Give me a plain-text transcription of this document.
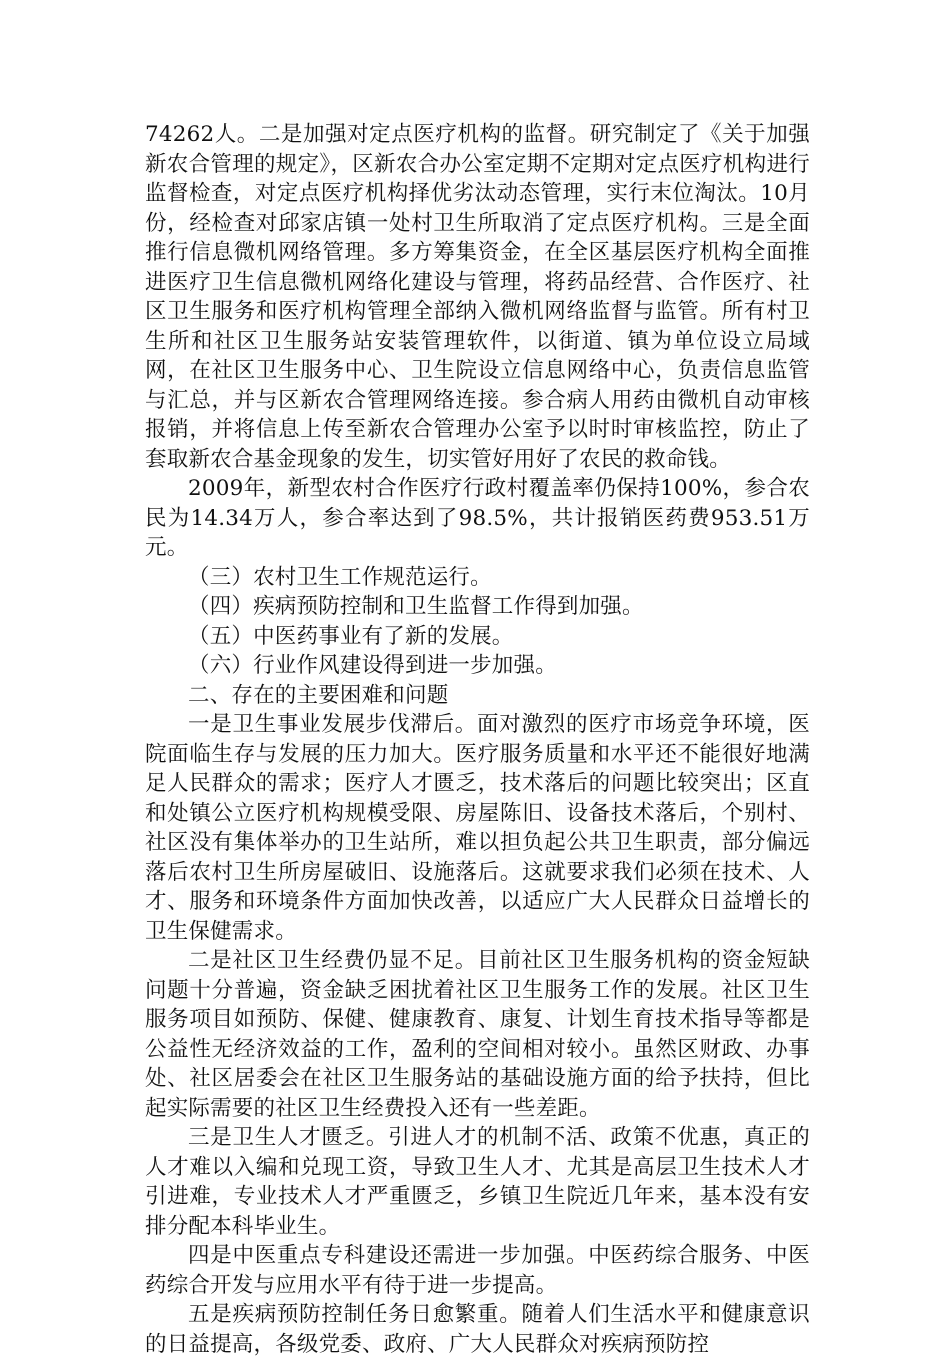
74262人。二是加强对定点医疗机构的监督。研究制定了《关于加强新农合管理的规定》，区新农合办公室定期不定期对定点医疗机构进行监督检查，对定点医疗机构择优劣汰动态管理，实行末位淘汰。10月份，经检查对邱家店镇一处村卫生所取消了定点医疗机构。三是全面推行信息微机网络管理。多方筹集资金，在全区基层医疗机构全面推进医疗卫生信息微机网络化建设与管理，将药品经营、合作医疗、社区卫生服务和医疗机构管理全部纳入微机网络监督与监管。所有村卫生所和社区卫生服务站安装管理软件，以街道、镇为单位设立局域网，在社区卫生服务中心、卫生院设立信息网络中心，负责信息监管与汇总，并与区新农合管理网络连接。参合病人用药由微机自动审核报销，并将信息上传至新农合管理办公室予以时时审核监控，防止了套取新农合基金现象的发生，切实管好用好了农民的救命钱。

2009年，新型农村合作医疗行政村覆盖率仍保持100%，参合农民为14.34万人，参合率达到了98.5%，共计报销医药费953.51万元。

（三）农村卫生工作规范运行。

（四）疾病预防控制和卫生监督工作得到加强。

（五）中医药事业有了新的发展。

（六）行业作风建设得到进一步加强。

二、存在的主要困难和问题

一是卫生事业发展步伐滞后。面对激烈的医疗市场竞争环境，医院面临生存与发展的压力加大。医疗服务质量和水平还不能很好地满足人民群众的需求；医疗人才匮乏，技术落后的问题比较突出；区直和处镇公立医疗机构规模受限、房屋陈旧、设备技术落后，个别村、社区没有集体举办的卫生站所，难以担负起公共卫生职责，部分偏远落后农村卫生所房屋破旧、设施落后。这就要求我们必须在技术、人才、服务和环境条件方面加快改善，以适应广大人民群众日益增长的卫生保健需求。

二是社区卫生经费仍显不足。目前社区卫生服务机构的资金短缺问题十分普遍，资金缺乏困扰着社区卫生服务工作的发展。社区卫生服务项目如预防、保健、健康教育、康复、计划生育技术指导等都是公益性无经济效益的工作，盈利的空间相对较小。虽然区财政、办事处、社区居委会在社区卫生服务站的基础设施方面的给予扶持，但比起实际需要的社区卫生经费投入还有一些差距。

三是卫生人才匮乏。引进人才的机制不活、政策不优惠，真正的人才难以入编和兑现工资，导致卫生人才、尤其是高层卫生技术人才引进难，专业技术人才严重匮乏，乡镇卫生院近几年来，基本没有安排分配本科毕业生。

四是中医重点专科建设还需进一步加强。中医药综合服务、中医药综合开发与应用水平有待于进一步提高。

五是疾病预防控制任务日愈繁重。随着人们生活水平和健康意识的日益提高，各级党委、政府、广大人民群众对疾病预防控
